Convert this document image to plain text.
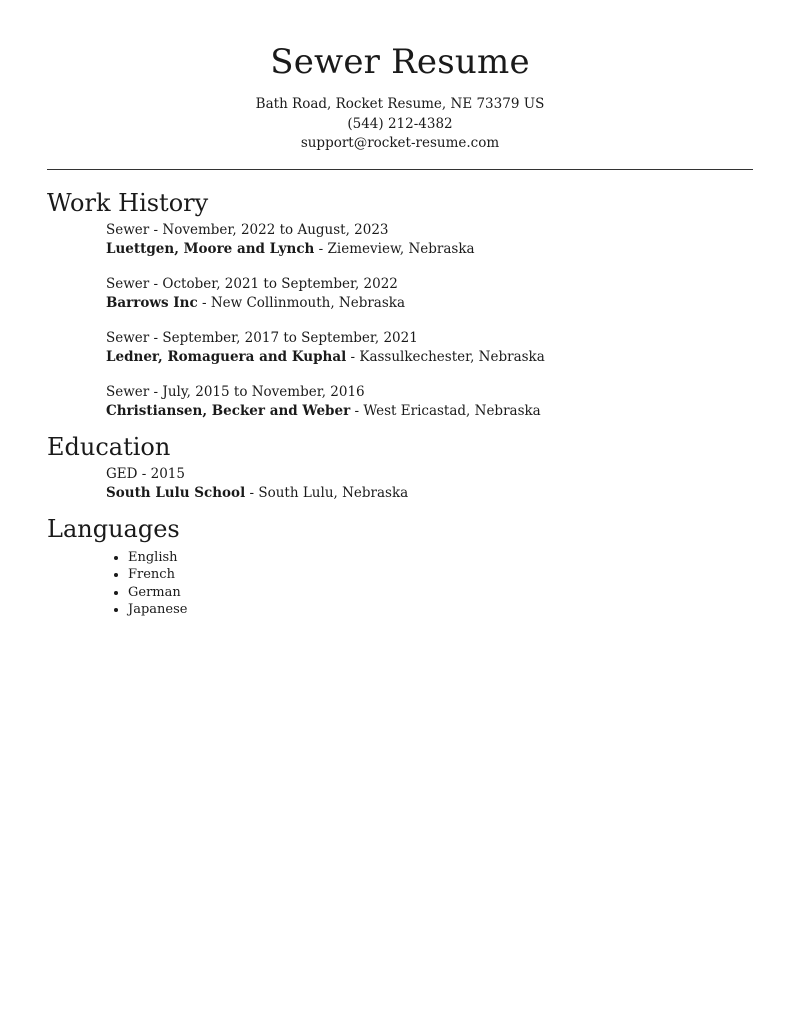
Sewer Resume
Bath Road, Rocket Resume, NE 73379 US
(544) 212-4382
support@rocket-resume.com
Work History
Sewer - November, 2022 to August, 2023
Luettgen, Moore and Lynch - Ziemeview, Nebraska
Sewer - October, 2021 to September, 2022
Barrows Inc - New Collinmouth, Nebraska
Sewer - September, 2017 to September, 2021
Ledner, Romaguera and Kuphal - Kassulkechester, Nebraska
Sewer - July, 2015 to November, 2016
Christiansen, Becker and Weber - West Ericastad, Nebraska
Education
GED - 2015
South Lulu School - South Lulu, Nebraska
Languages
• English
• French
• German
• Japanese
